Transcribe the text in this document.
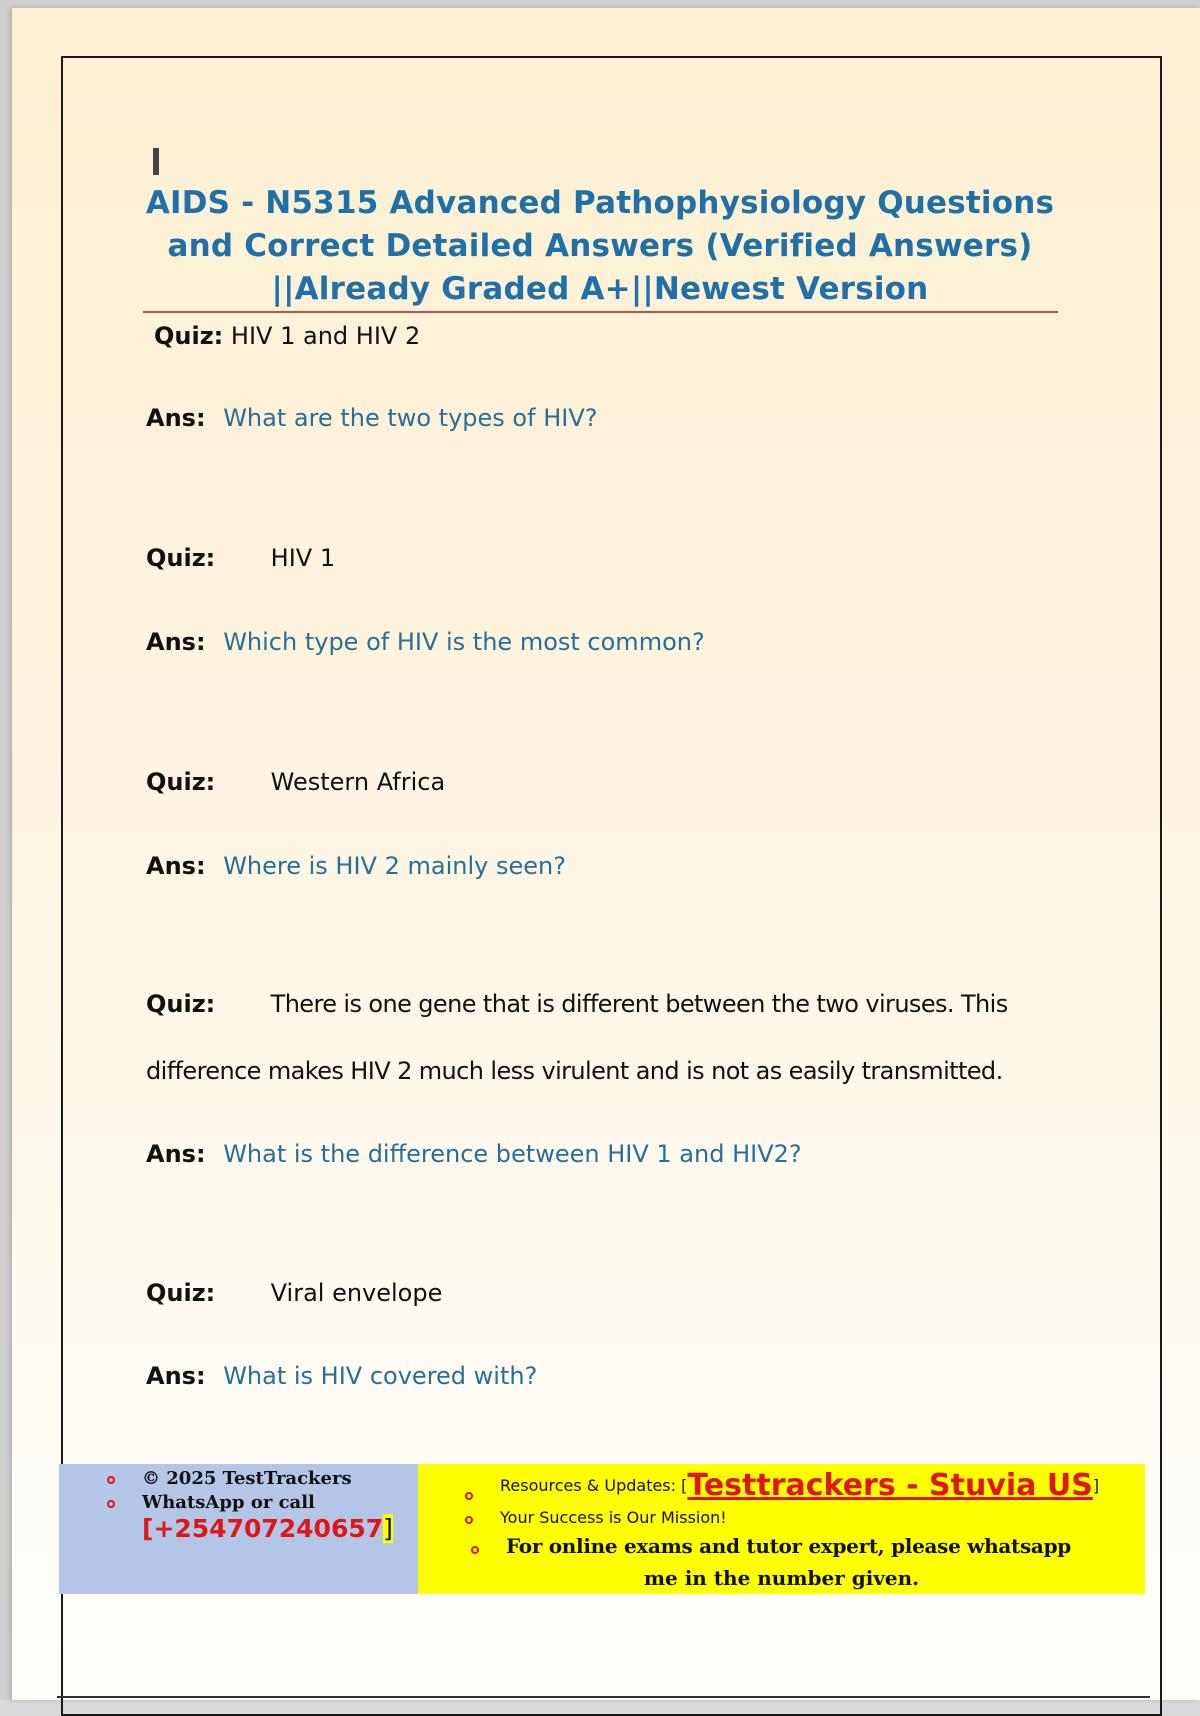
AIDS - N5315 Advanced Pathophysiology Questions
and Correct Detailed Answers (Verified Answers)
||Already Graded A+||Newest Version
Quiz: HIV 1 and HIV 2
Ans: What are the two types of HIV?
Quiz: HIV 1
Ans: Which type of HIV is the most common?
Quiz: Western Africa
Ans: Where is HIV 2 mainly seen?
Quiz: There is one gene that is different between the two viruses. This
difference makes HIV 2 much less virulent and is not as easily transmitted.
Ans: What is the difference between HIV 1 and HIV2?
Quiz: Viral envelope
Ans: What is HIV covered with?
© 2025 TestTrackers
WhatsApp or call
[+254707240657]
Resources & Updates: [Testtrackers - Stuvia US]
Your Success is Our Mission!
For online exams and tutor expert, please whatsapp
me in the number given.
